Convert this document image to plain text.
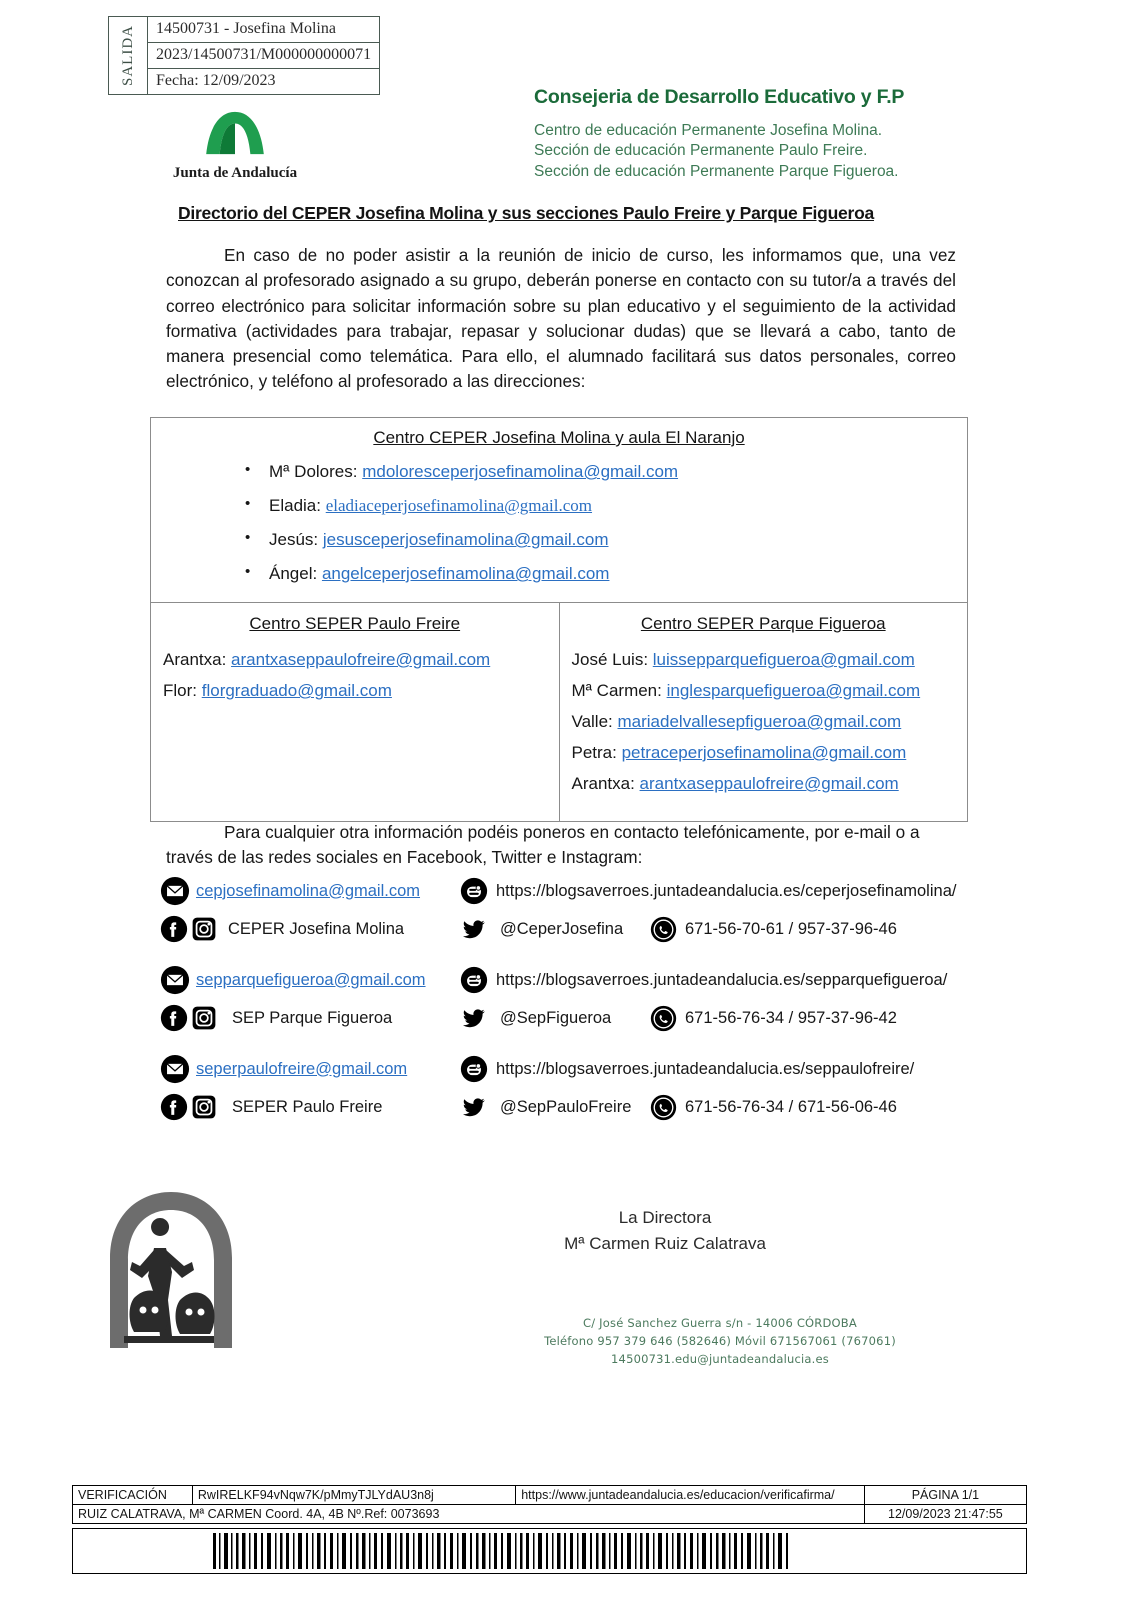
SALIDA	14500731 - Josefina Molina
2023/14500731/M000000000071
Fecha: 12/09/2023
Junta de Andalucía
Consejeria de Desarrollo Educativo y F.P
Centro de educación Permanente Josefina Molina.
Sección de educación Permanente Paulo Freire.
Sección de educación Permanente Parque Figueroa.
Directorio del CEPER Josefina Molina y sus secciones Paulo Freire y Parque Figueroa
En caso de no poder asistir a la reunión de inicio de curso, les informamos que, una vez conozcan al profesorado asignado a su grupo, deberán ponerse en contacto con su tutor/a a través del correo electrónico para solicitar información sobre su plan educativo y el seguimiento de la actividad formativa (actividades para trabajar, repasar y solucionar dudas) que se llevará a cabo, tanto de manera presencial como telemática. Para ello, el alumnado facilitará sus datos personales, correo electrónico, y teléfono al profesorado a las direcciones:
Centro CEPER Josefina Molina y aula El Naranjo
• Mª Dolores: mdoloresceperjosefinamolina@gmail.com
• Eladia: eladiaceperjosefinamolina@gmail.com
• Jesús: jesusceperjosefinamolina@gmail.com
• Ángel: angelceperjosefinamolina@gmail.com
Centro SEPER Paulo Freire
Arantxa: arantxaseppaulofreire@gmail.com
Flor: florgraduado@gmail.com
Centro SEPER Parque Figueroa
José Luis: luissepparquefigueroa@gmail.com
Mª Carmen: inglesparquefigueroa@gmail.com
Valle: mariadelvallesepfigueroa@gmail.com
Petra: petraceperjosefinamolina@gmail.com
Arantxa: arantxaseppaulofreire@gmail.com
Para cualquier otra información podéis poneros en contacto telefónicamente, por e-mail o a través de las redes sociales en Facebook, Twitter e Instagram:
cepjosefinamolina@gmail.com	https://blogsaverroes.juntadeandalucia.es/ceperjosefinamolina/
CEPER Josefina Molina	@CeperJosefina	671-56-70-61 / 957-37-96-46
sepparquefigueroa@gmail.com	https://blogsaverroes.juntadeandalucia.es/sepparquefigueroa/
SEP Parque Figueroa	@SepFigueroa	671-56-76-34 / 957-37-96-42
seperpaulofreire@gmail.com	https://blogsaverroes.juntadeandalucia.es/seppaulofreire/
SEPER Paulo Freire	@SepPauloFreire	671-56-76-34 / 671-56-06-46
La Directora
Mª Carmen Ruiz Calatrava
C/ José Sanchez Guerra s/n - 14006 CÓRDOBA
Teléfono 957 379 646 (582646) Móvil 671567061 (767061)
14500731.edu@juntadeandalucia.es
VERIFICACIÓN	RwIRELKF94vNqw7K/pMmyTJLYdAU3n8j	https://www.juntadeandalucia.es/educacion/verificafirma/	PÁGINA 1/1
RUIZ CALATRAVA, Mª CARMEN Coord. 4A, 4B Nº.Ref: 0073693			12/09/2023 21:47:55
